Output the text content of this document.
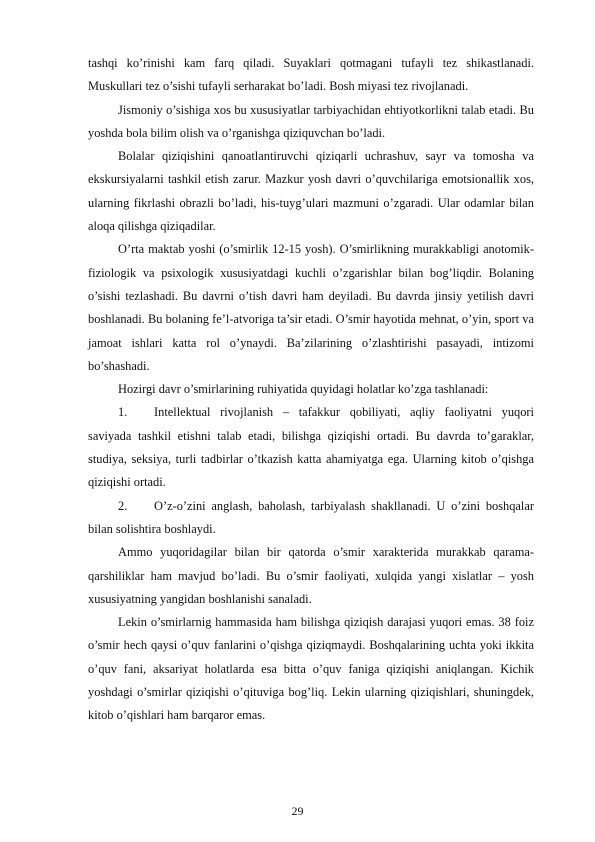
tashqi ko’rinishi kam farq qiladi. Suyaklari qotmagani tufayli tez shikastlanadi. Muskullari tez o’sishi tufayli serharakat bo’ladi. Bosh miyasi tez rivojlanadi.

Jismoniy o’sishiga xos bu xususiyatlar tarbiyachidan ehtiyotkorlikni talab etadi. Bu yoshda bola bilim olish va o’rganishga qiziquvchan bo’ladi.

Bolalar qiziqishini qanoatlantiruvchi qiziqarli uchrashuv, sayr va tomosha va ekskursiyalarni tashkil etish zarur. Mazkur yosh davri o’quvchilariga emotsionallik xos, ularning fikrlashi obrazli bo’ladi, his-tuyg’ulari mazmuni o’zgaradi. Ular odamlar bilan aloqa qilishga qiziqadilar.

O’rta maktab yoshi (o’smirlik 12-15 yosh). O’smirlikning murakkabligi anotomik-fiziologik va psixologik xususiyatdagi kuchli o’zgarishlar bilan bog’liqdir. Bolaning o’sishi tezlashadi. Bu davrni o’tish davri ham deyiladi. Bu davrda jinsiy yetilish davri boshlanadi. Bu bolaning fe’l-atvoriga ta’sir etadi. O’smir hayotida mehnat, o’yin, sport va jamoat ishlari katta rol o’ynaydi. Ba’zilarining o’zlashtirishi pasayadi, intizomi bo’shashadi.

Hozirgi davr o’smirlarining ruhiyatida quyidagi holatlar ko’zga tashlanadi:

1. Intellektual rivojlanish – tafakkur qobiliyati, aqliy faoliyatni yuqori saviyada tashkil etishni talab etadi, bilishga qiziqishi ortadi. Bu davrda to’garaklar, studiya, seksiya, turli tadbirlar o’tkazish katta ahamiyatga ega. Ularning kitob o’qishga qiziqishi ortadi.

2. O’z-o’zini anglash, baholash, tarbiyalash shakllanadi. U o’zini boshqalar bilan solishtira boshlaydi.

Ammo yuqoridagilar bilan bir qatorda o’smir xarakterida murakkab qarama-qarshiliklar ham mavjud bo’ladi. Bu o’smir faoliyati, xulqida yangi xislatlar – yosh xususiyatning yangidan boshlanishi sanaladi.

Lekin o’smirlarnig hammasida ham bilishga qiziqish darajasi yuqori emas. 38 foiz o’smir hech qaysi o’quv fanlarini o’qishga qiziqmaydi. Boshqalarining uchta yoki ikkita o’quv fani, aksariyat holatlarda esa bitta o’quv faniga qiziqishi aniqlangan. Kichik yoshdagi o’smirlar qiziqishi o’qituviga bog’liq. Lekin ularning qiziqishlari, shuningdek, kitob o’qishlari ham barqaror emas.

29
